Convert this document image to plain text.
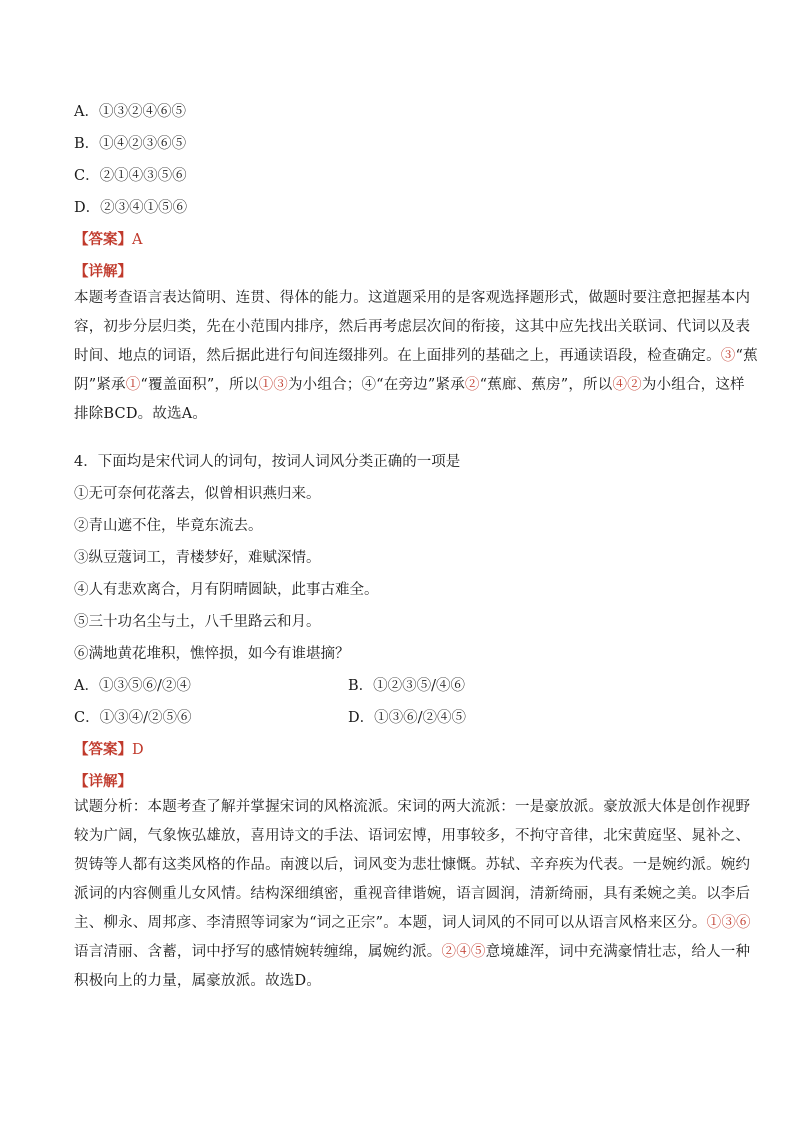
A．①③②④⑥⑤
B．①④②③⑥⑤
C．②①④③⑤⑥
D．②③④①⑤⑥
【答案】A
【详解】
本题考查语言表达简明、连贯、得体的能力。这道题采用的是客观选择题形式，做题时要注意把握基本内
容，初步分层归类，先在小范围内排序，然后再考虑层次间的衔接，这其中应先找出关联词、代词以及表
时间、地点的词语，然后据此进行句间连缀排列。在上面排列的基础之上，再通读语段，检查确定。③“蕉
阴”紧承①“覆盖面积”，所以①③为小组合；④“在旁边”紧承②“蕉廊、蕉房”，所以④②为小组合，这样
排除BCD。故选A。
4．下面均是宋代词人的词句，按词人词风分类正确的一项是
①无可奈何花落去，似曾相识燕归来。
②青山遮不住，毕竟东流去。
③纵豆蔻词工，青楼梦好，难赋深情。
④人有悲欢离合，月有阴晴圆缺，此事古难全。
⑤三十功名尘与土，八千里路云和月。
⑥满地黄花堆积，憔悴损，如今有谁堪摘？
A．①③⑤⑥/②④	B．①②③⑤/④⑥
C．①③④/②⑤⑥	D．①③⑥/②④⑤
【答案】D
【详解】
试题分析：本题考查了解并掌握宋词的风格流派。宋词的两大流派：一是豪放派。豪放派大体是创作视野
较为广阔，气象恢弘雄放，喜用诗文的手法、语词宏博，用事较多，不拘守音律，北宋黄庭坚、晁补之、
贺铸等人都有这类风格的作品。南渡以后，词风变为悲壮慷慨。苏轼、辛弃疾为代表。一是婉约派。婉约
派词的内容侧重儿女风情。结构深细缜密，重视音律谐婉，语言圆润，清新绮丽，具有柔婉之美。以李后
主、柳永、周邦彦、李清照等词家为“词之正宗”。本题，词人词风的不同可以从语言风格来区分。①③⑥
语言清丽、含蓄，词中抒写的感情婉转缠绵，属婉约派。②④⑤意境雄浑，词中充满豪情壮志，给人一种
积极向上的力量，属豪放派。故选D。
